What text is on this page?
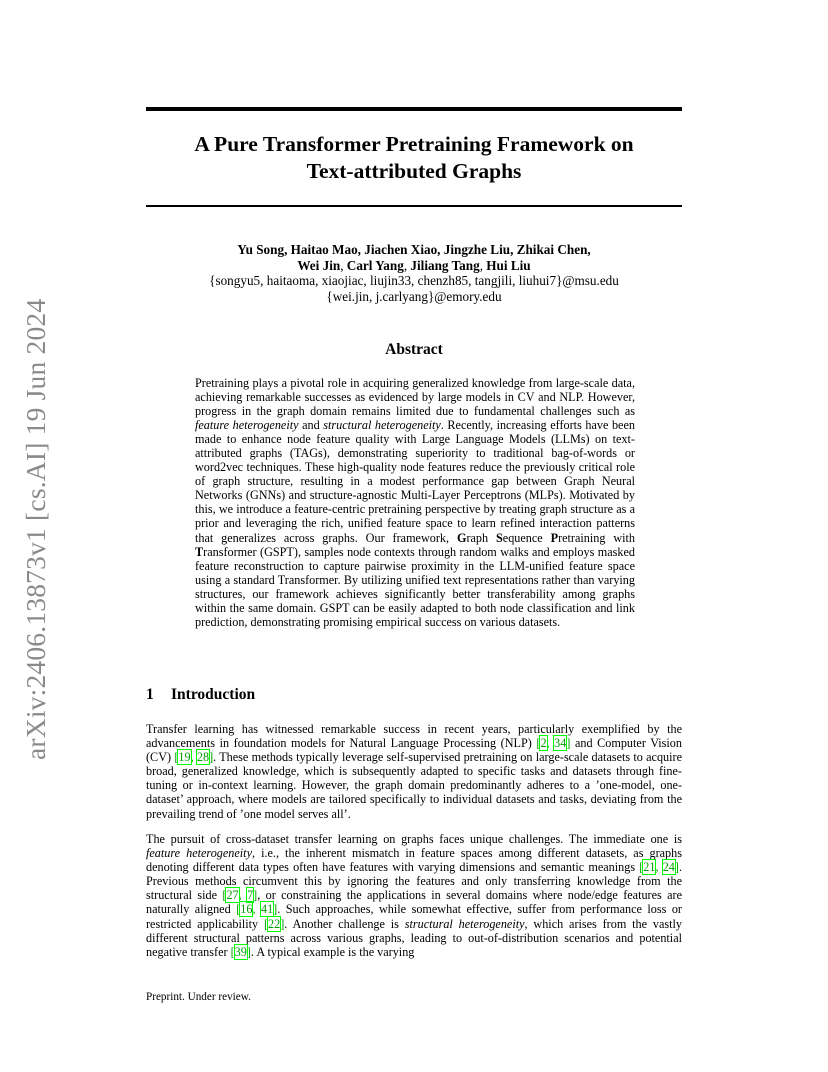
arXiv:2406.13873v1 [cs.AI] 19 Jun 2024
A Pure Transformer Pretraining Framework on
Text-attributed Graphs
Yu Song, Haitao Mao, Jiachen Xiao, Jingzhe Liu, Zhikai Chen,
Wei Jin, Carl Yang, Jiliang Tang, Hui Liu
{songyu5, haitaoma, xiaojiac, liujin33, chenzh85, tangjili, liuhui7}@msu.edu
{wei.jin, j.carlyang}@emory.edu
Abstract
Pretraining plays a pivotal role in acquiring generalized knowledge from large-scale data, achieving remarkable successes as evidenced by large models in CV and NLP. However, progress in the graph domain remains limited due to fundamental challenges such as feature heterogeneity and structural heterogeneity. Recently, increasing efforts have been made to enhance node feature quality with Large Language Models (LLMs) on text-attributed graphs (TAGs), demonstrating superiority to traditional bag-of-words or word2vec techniques. These high-quality node features reduce the previously critical role of graph structure, resulting in a modest performance gap between Graph Neural Networks (GNNs) and structure-agnostic Multi-Layer Perceptrons (MLPs). Motivated by this, we introduce a feature-centric pretraining perspective by treating graph structure as a prior and leveraging the rich, unified feature space to learn refined interaction patterns that generalizes across graphs. Our framework, Graph Sequence Pretraining with Transformer (GSPT), samples node contexts through random walks and employs masked feature reconstruction to capture pairwise proximity in the LLM-unified feature space using a standard Transformer. By utilizing unified text representations rather than varying structures, our framework achieves significantly better transferability among graphs within the same domain. GSPT can be easily adapted to both node classification and link prediction, demonstrating promising empirical success on various datasets.
1 Introduction
Transfer learning has witnessed remarkable success in recent years, particularly exemplified by the advancements in foundation models for Natural Language Processing (NLP) [2, 34] and Computer Vision (CV) [19, 28]. These methods typically leverage self-supervised pretraining on large-scale datasets to acquire broad, generalized knowledge, which is subsequently adapted to specific tasks and datasets through fine-tuning or in-context learning. However, the graph domain predominantly adheres to a ’one-model, one-dataset’ approach, where models are tailored specifically to individual datasets and tasks, deviating from the prevailing trend of ’one model serves all’.
The pursuit of cross-dataset transfer learning on graphs faces unique challenges. The immediate one is feature heterogeneity, i.e., the inherent mismatch in feature spaces among different datasets, as graphs denoting different data types often have features with varying dimensions and semantic meanings [21, 24]. Previous methods circumvent this by ignoring the features and only transferring knowledge from the structural side [27, 7], or constraining the applications in several domains where node/edge features are naturally aligned [16, 41]. Such approaches, while somewhat effective, suffer from performance loss or restricted applicability [22]. Another challenge is structural heterogeneity, which arises from the vastly different structural patterns across various graphs, leading to out-of-distribution scenarios and potential negative transfer [39]. A typical example is the varying
Preprint. Under review.
